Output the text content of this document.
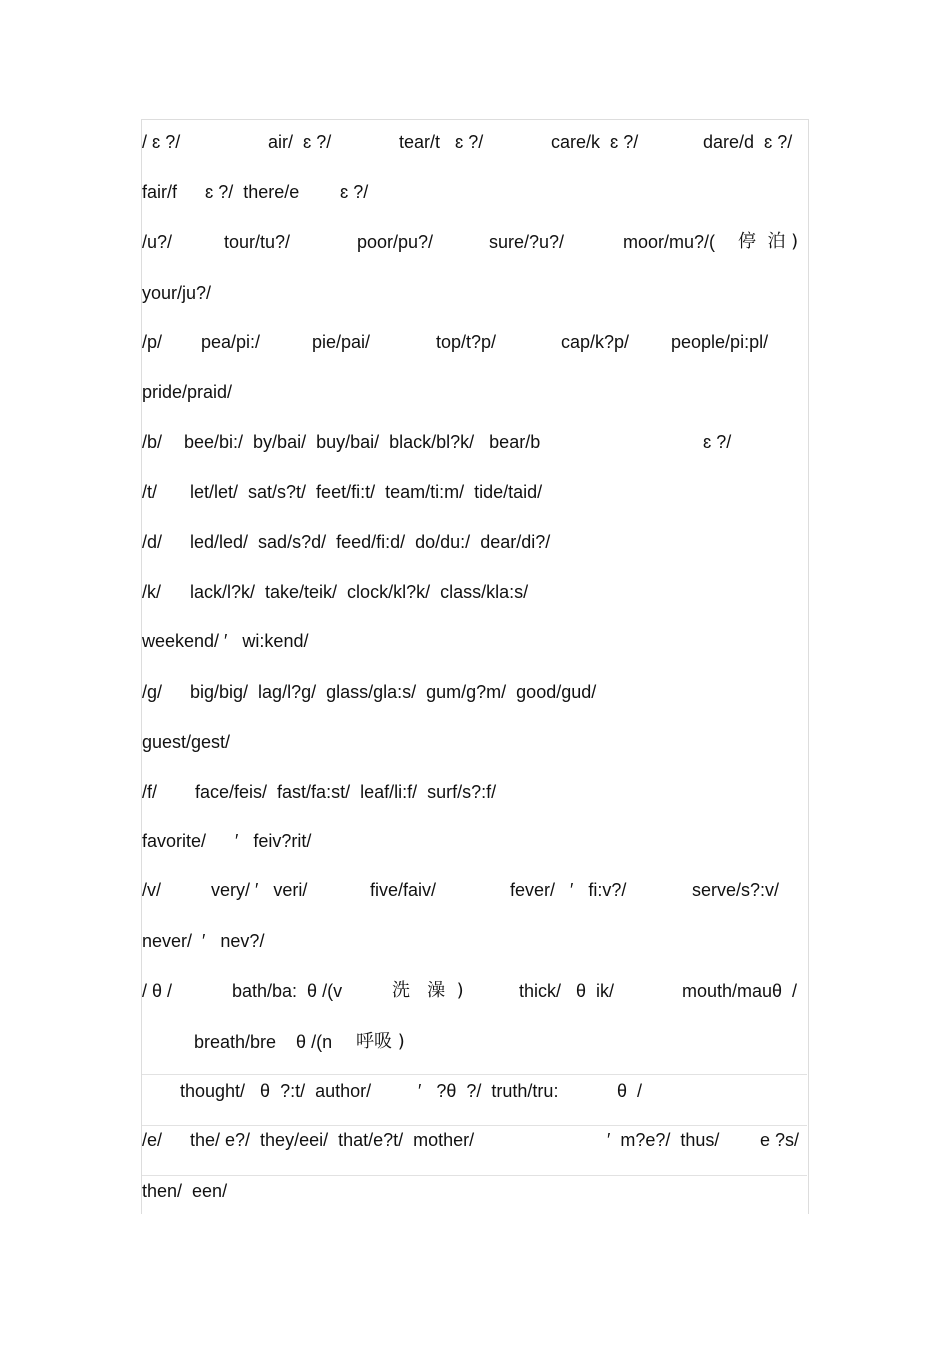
/ ɛ ?/	air/  ɛ ?/	tear/t   ɛ ?/	care/k  ɛ ?/	dare/d  ɛ ?/
fair/f ɛ ?/  there/e ɛ ?/
/u?/	tour/tu?/	poor/pu?/	sure/?u?/	moor/mu?/( 停  泊 )
your/ju?/
/p/ pea/pi:/	pie/pai/	top/t?p/	cap/k?p/ people/pi:pl/
pride/praid/
/b/ bee/bi:/  by/bai/  buy/bai/  black/bl?k/   bear/b	ɛ ?/
/t/ let/let/  sat/s?t/  feet/fi:t/  team/ti:m/  tide/taid/
/d/ led/led/  sad/s?d/  feed/fi:d/  do/du:/  dear/di?/
/k/ lack/l?k/  take/teik/  clock/kl?k/  class/kla:s/
weekend/ ′   wi:kend/
/g/ big/big/  lag/l?g/  glass/gla:s/  gum/g?m/  good/gud/
guest/gest/
/f/ face/feis/  fast/fa:st/  leaf/li:f/  surf/s?:f/
favorite/ ′   feiv?rit/
/v/	very/ ′   veri/	five/faiv/	fever/   ′   fi:v?/	serve/s?:v/
never/  ′   nev?/
/ θ /	bath/ba:  θ /(v	洗   澡  )	thick/   θ  ik/	mouth/mauθ  /
breath/bre    θ /(n 呼吸 )
thought/   θ  ?:t/  author/	′   ?θ  ?/  truth/tru:	θ  /
/e/ the/ e?/  they/eei/  that/e?t/  mother/	′  m?e?/  thus/ e ?s/
then/  een/
